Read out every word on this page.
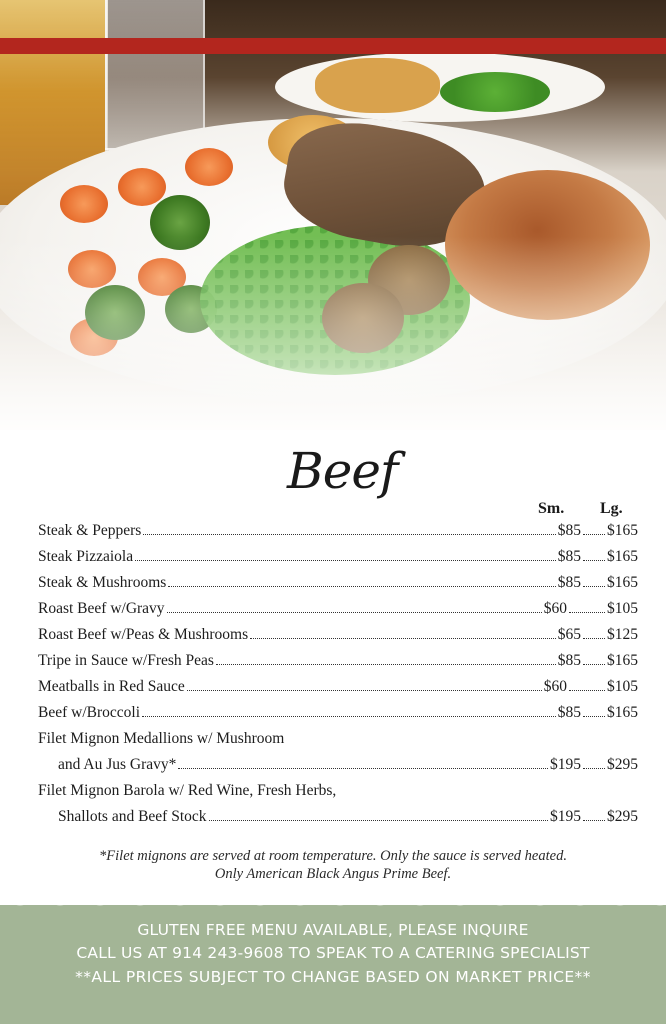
Beef
Sm. Lg.
Steak & Peppers	$85 $165
Steak Pizzaiola	$85 $165
Steak & Mushrooms	$85 $165
Roast Beef w/Gravy	$60	$105
Roast Beef w/Peas & Mushrooms	$65 $125
Tripe in Sauce w/Fresh Peas	$85 $165
Meatballs in Red Sauce	$60	$105
Beef w/Broccoli	$85 $165
Filet Mignon Medallions w/ Mushroom
and Au Jus Gravy*	$195 $295
Filet Mignon Barola w/ Red Wine, Fresh Herbs,
Shallots and Beef Stock	$195 $295
*Filet mignons are served at room temperature. Only the sauce is served heated.
Only American Black Angus Prime Beef.
GLUTEN FREE MENU AVAILABLE, PLEASE INQUIRE
CALL US AT 914 243-9608 TO SPEAK TO A CATERING SPECIALIST
**ALL PRICES SUBJECT TO CHANGE BASED ON MARKET PRICE**
